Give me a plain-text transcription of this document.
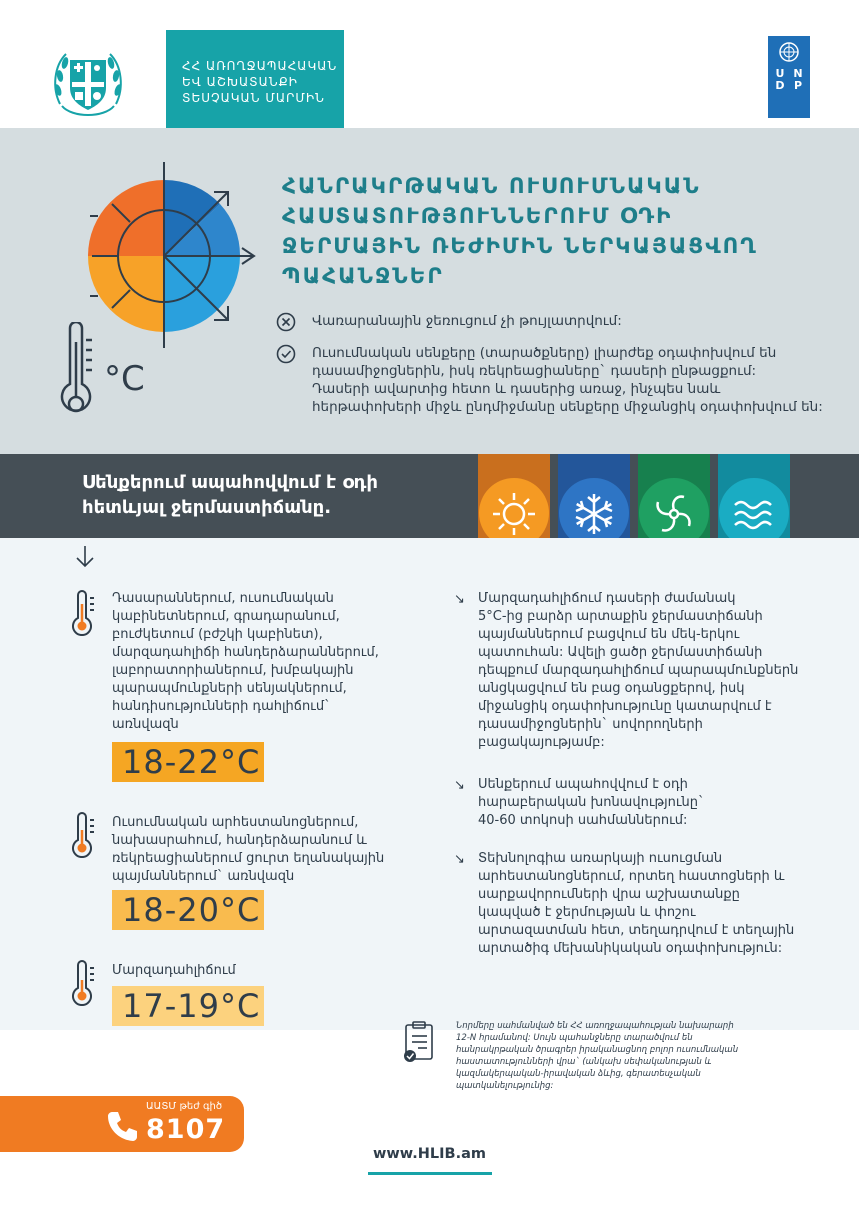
ՀՀ ԱՌՈՂՋԱՊԱՀԱԿԱՆ
ԵՎ ԱՇԽԱՏԱՆՔԻ
ՏԵՍՉԱԿԱՆ ՄԱՐՄԻՆ
U N
D P
°C
ՀԱՆՐԱԿՐԹԱԿԱՆ ՈՒՍՈՒՄՆԱԿԱՆ
ՀԱՍՏԱՏՈՒԹՅՈՒՆՆԵՐՈՒՄ ՕԴԻ
ՋԵՐՄԱՅԻՆ ՌԵԺԻՄԻՆ ՆԵՐԿԱՅԱՑՎՈՂ
ՊԱՀԱՆՋՆԵՐ
Վառարանային ջեռուցում չի թույլատրվում:
Ուսումնական սենքերը (տարածքները) լիարժեք օդափոխվում են
դասամիջոցներին, իսկ ռեկրեացիաները` դասերի ընթացքում:
Դասերի ավարտից հետո և դասերից առաջ, ինչպես նաև
հերթափոխերի միջև ընդմիջմանը սենքերը միջանցիկ օդափոխվում են:
Սենքերում ապահովվում է օդի
հետևյալ ջերմաստիճանը.
Դասարաններում, ուսումնական
կաբինետներում, գրադարանում,
բուժկետում (բժշկի կաբինետ),
մարզադահլիճի հանդերձարաններում,
լաբորատորիաներում, խմբակային
պարապմունքների սենյակներում,
հանդիսությունների դահլիճում`
առնվազն
18-22°C
Ուսումնական արհեստանոցներում,
նախասրահում, հանդերձարանում և
ռեկրեացիաներում ցուրտ եղանակային
պայմաններում` առնվազն
18-20°C
Մարզադահլիճում
17-19°C
↘ Մարզադահլիճում դասերի ժամանակ
5°C-ից բարձր արտաքին ջերմաստիճանի
պայմաններում բացվում են մեկ-երկու
պատուհան: Ավելի ցածր ջերմաստիճանի
դեպքում մարզադահլիճում պարապմունքներն
անցկացվում են բաց օդանցքերով, իսկ
միջանցիկ օդափոխությունը կատարվում է
դասամիջոցներին` սովորողների
բացակայությամբ:
↘ Սենքերում ապահովվում է օդի
հարաբերական խոնավությունը`
40-60 տոկոսի սահմաններում:
↘ Տեխնոլոգիա առարկայի ուսուցման
արհեստանոցներում, որտեղ հաստոցների և
սարքավորումների վրա աշխատանքը
կապված է ջերմության և փոշու
արտազատման հետ, տեղադրվում է տեղային
արտածիգ մեխանիկական օդափոխություն:
Նորմերը սահմանված են ՀՀ առողջապահության նախարարի
12-N հրամանով: Սույն պահանջները տարածվում են
հանրակրթական ծրագրեր իրականացնող բոլոր ուսումնական
հաստատությունների վրա` (անկախ սեփականության և
կազմակերպական-իրավական ձևից, գերատեսչական
պատկանելությունից:
ԱԱՏՄ թեժ գիծ
8107
www.HLIB.am
